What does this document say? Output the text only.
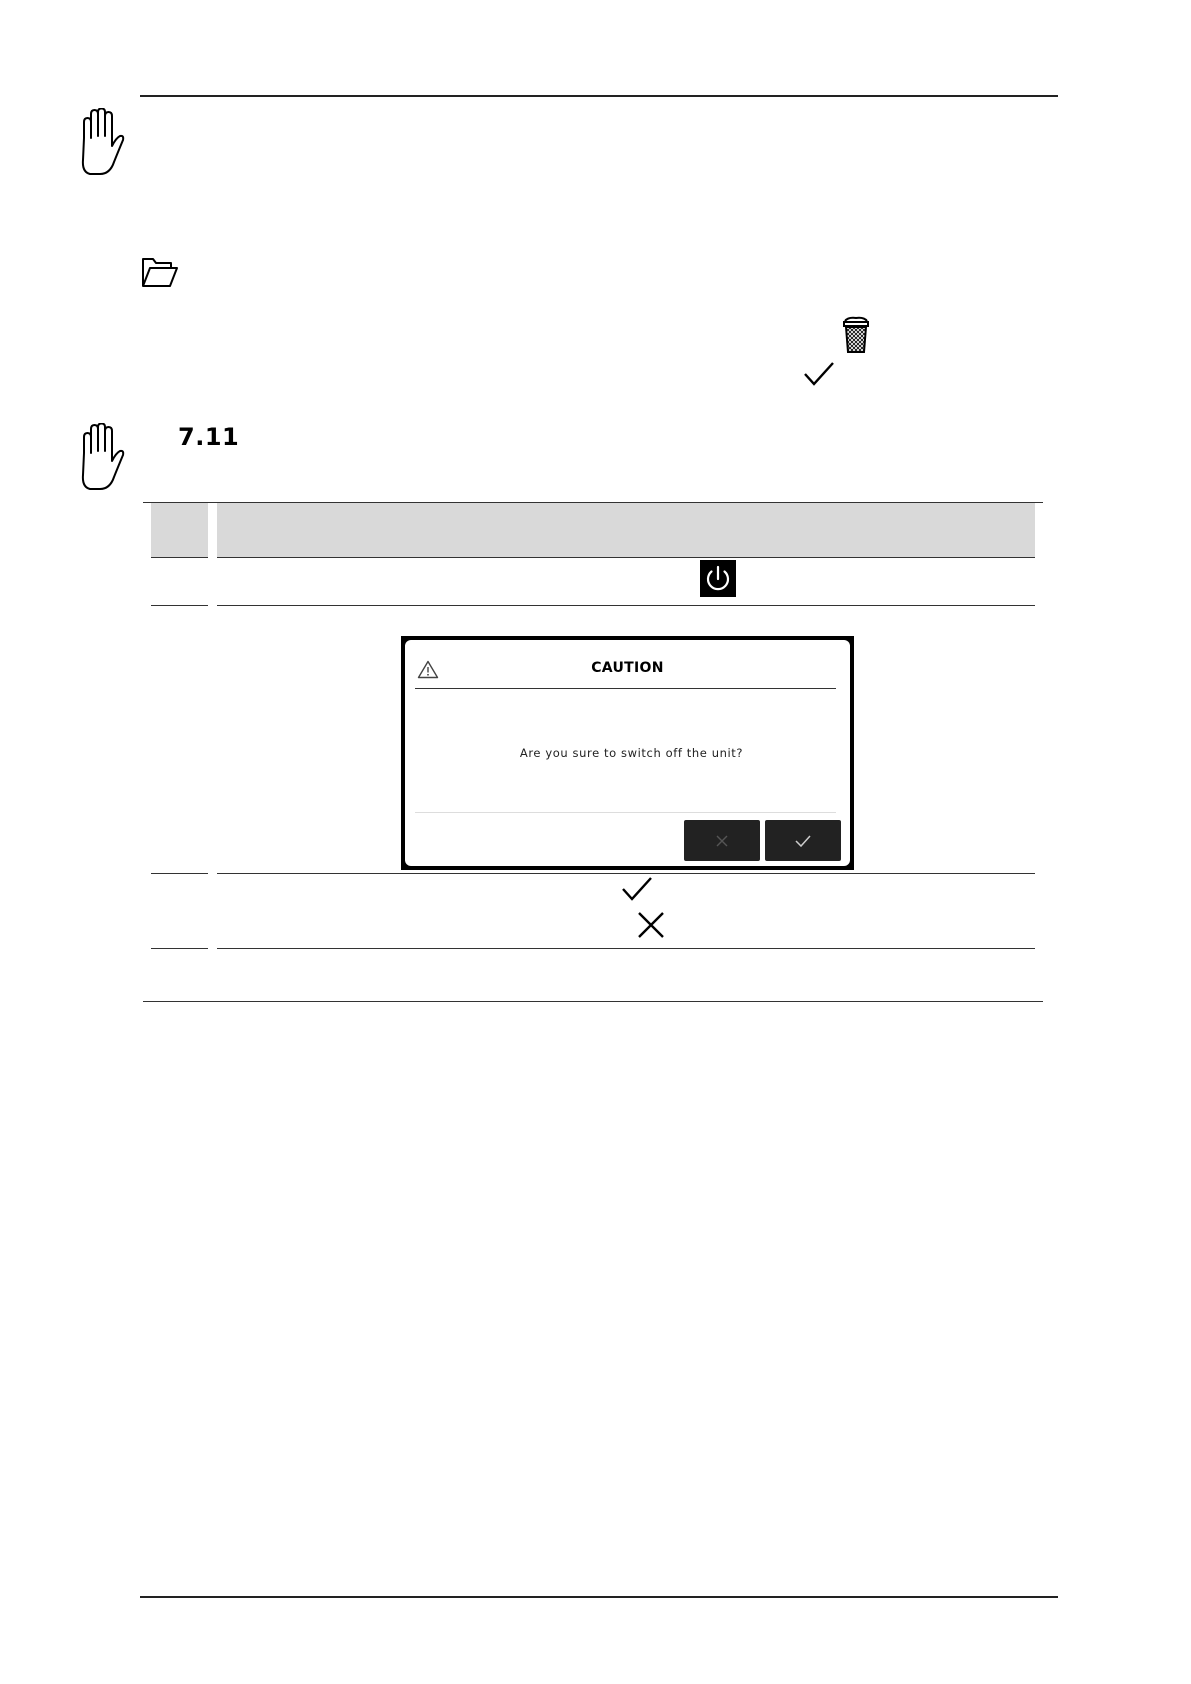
7.11
CAUTION
Are you sure to switch off the unit?
